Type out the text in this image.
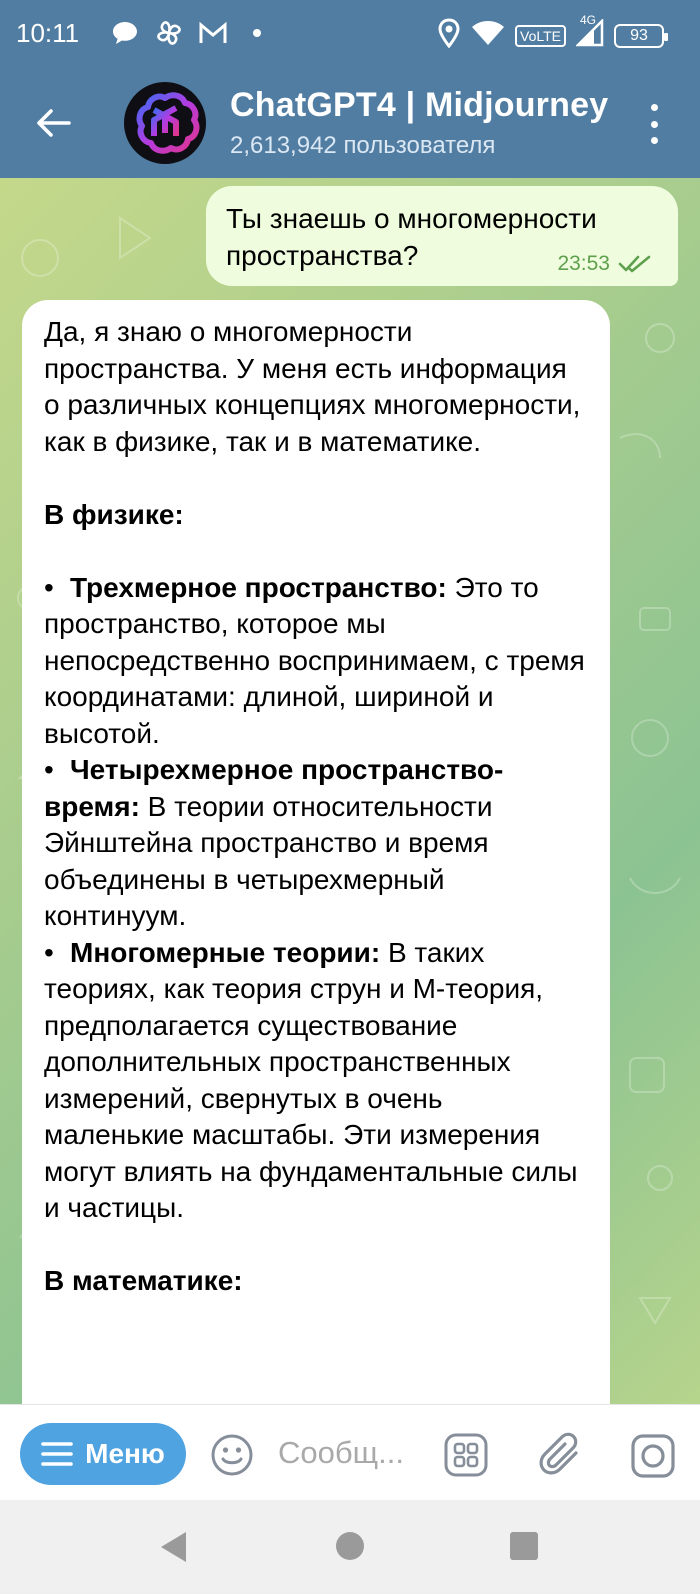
10:11	VoLTE
4G
93
ChatGPT4 | Midjourney
2,613,942 пользователя
Ты знаешь о многомерности пространства?	23:53

Да, я знаю о многомерности пространства. У меня есть информация о различных концепциях многомерности, как в физике, так и в математике.

В физике:

• Трехмерное пространство: Это то пространство, которое мы непосредственно воспринимаем, с тремя координатами: длиной, шириной и высотой.
• Четырехмерное пространство-время: В теории относительности Эйнштейна пространство и время объединены в четырехмерный континуум.
• Многомерные теории: В таких теориях, как теория струн и М-теория, предполагается существование дополнительных пространственных измерений, свернутых в очень маленькие масштабы. Эти измерения могут влиять на фундаментальные силы и частицы.

В математике:

Меню
Сообщ...
